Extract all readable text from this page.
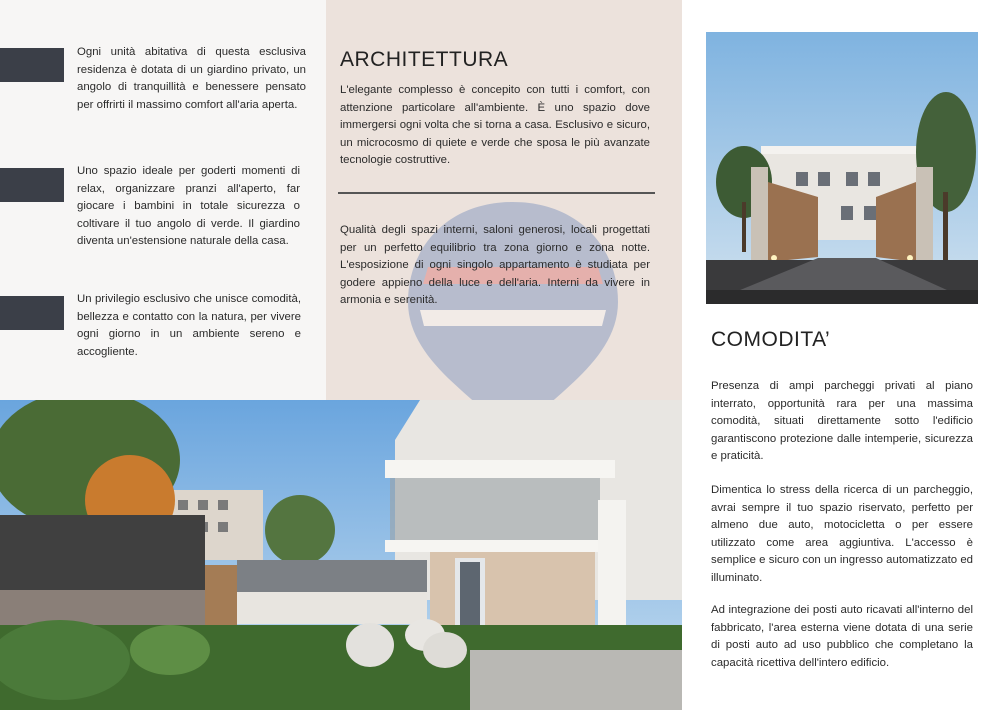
Ogni unità abitativa di questa esclusiva residenza è dotata di un giardino privato, un angolo di tranquillità e benessere pensato per offrirti il massimo comfort all'aria aperta.

Uno spazio ideale per goderti momenti di relax, organizzare pranzi all'aperto, far giocare i bambini in totale sicurezza o coltivare il tuo angolo di verde. Il giardino diventa un'estensione naturale della casa.

Un privilegio esclusivo che unisce comodità, bellezza e contatto con la natura, per vivere ogni giorno in un ambiente sereno e accogliente.

ARCHITETTURA

L'elegante complesso è concepito con tutti i comfort, con attenzione particolare all'ambiente. È uno spazio dove immergersi ogni volta che si torna a casa. Esclusivo e sicuro, un microcosmo di quiete e verde che sposa le più avanzate tecnologie costruttive.

Qualità degli spazi interni, saloni generosi, locali progettati per un perfetto equilibrio tra zona giorno e zona notte. L'esposizione di ogni singolo appartamento è studiata per godere appieno della luce e dell'aria. Interni da vivere in armonia e serenità.

COMODITA’

Presenza di ampi parcheggi privati al piano interrato, opportunità rara per una massima comodità, situati direttamente sotto l'edificio garantiscono protezione dalle intemperie, sicurezza e praticità.

Dimentica lo stress della ricerca di un parcheggio, avrai sempre il tuo spazio riservato, perfetto per almeno due auto, motocicletta o per essere utilizzato come area aggiuntiva. L'accesso è semplice e sicuro con un ingresso automatizzato ed illuminato.

Ad integrazione dei posti auto ricavati all'interno del fabbricato, l'area esterna viene dotata di una serie di posti auto ad uso pubblico che completano la capacità ricettiva dell'intero edificio.
